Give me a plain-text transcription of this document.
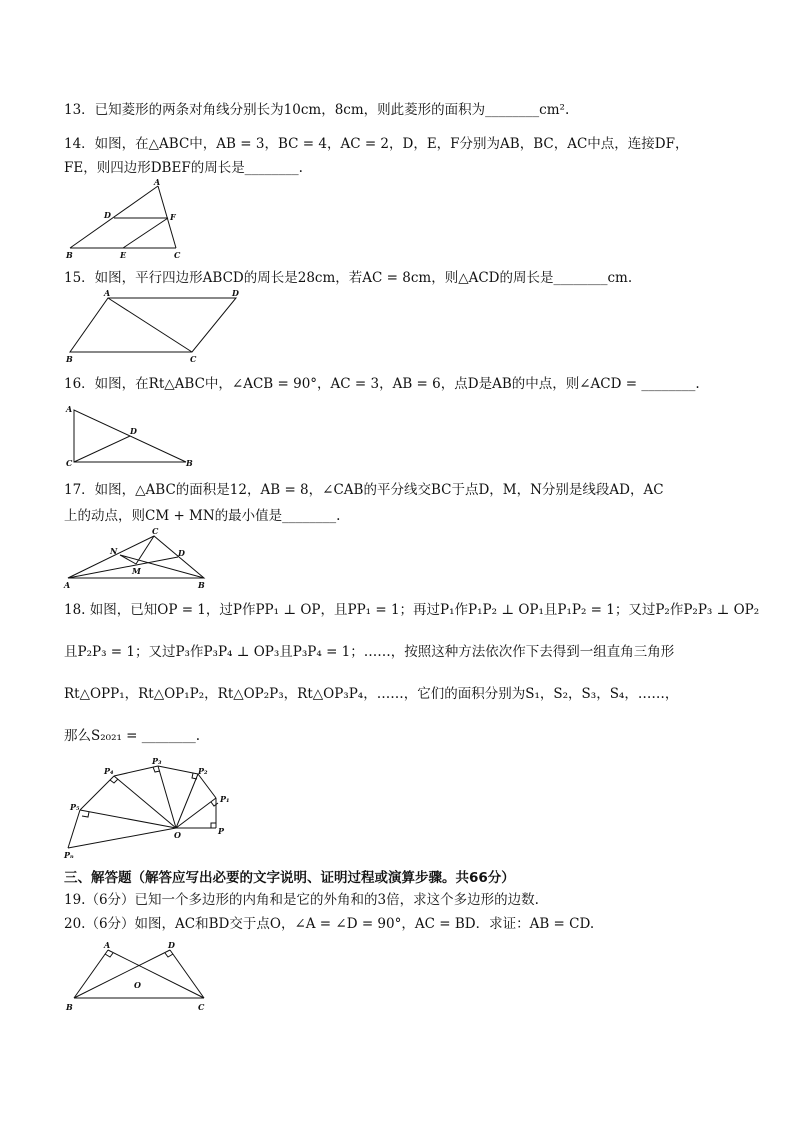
13．已知菱形的两条对角线分别长为10cm，8cm，则此菱形的面积为________cm².
14．如图，在△ABC中，AB = 3，BC = 4，AC = 2，D，E，F分别为AB，BC，AC中点，连接DF，
FE，则四边形DBEF的周长是________.
A
B	C
D
E
F
15．如图，平行四边形ABCD的周长是28cm，若AC = 8cm，则△ACD的周长是________cm.
A	D
B	C
16．如图，在Rt△ABC中，∠ACB = 90°，AC = 3，AB = 6，点D是AB的中点，则∠ACD = ________.
A
C	B
D
17．如图，△ABC的面积是12，AB = 8，∠CAB的平分线交BC于点D，M，N分别是线段AD，AC
上的动点，则CM + MN的最小值是________.
C
A	B
D
M
N
18. 如图，已知OP = 1，过P作PP₁ ⊥ OP，且PP₁ = 1；再过P₁作P₁P₂ ⊥ OP₁且P₁P₂ = 1；又过P₂作P₂P₃ ⊥ OP₂
且P₂P₃ = 1；又过P₃作P₃P₄ ⊥ OP₃且P₃P₄ = 1；……，按照这种方法依次作下去得到一组直角三角形
Rt△OPP₁，Rt△OP₁P₂，Rt△OP₂P₃，Rt△OP₃P₄，……，它们的面积分别为S₁，S₂，S₃，S₄，……，
那么S₂₀₂₁ = ________.
O	P
P₁
P₂
P₃
P₄
P₅
Pₙ
三、解答题（解答应写出必要的文字说明、证明过程或演算步骤。共66分）
19.（6分）已知一个多边形的内角和是它的外角和的3倍，求这个多边形的边数.
20.（6分）如图，AC和BD交于点O，∠A = ∠D = 90°，AC = BD．求证：AB = CD.
A	D
B	C
O
